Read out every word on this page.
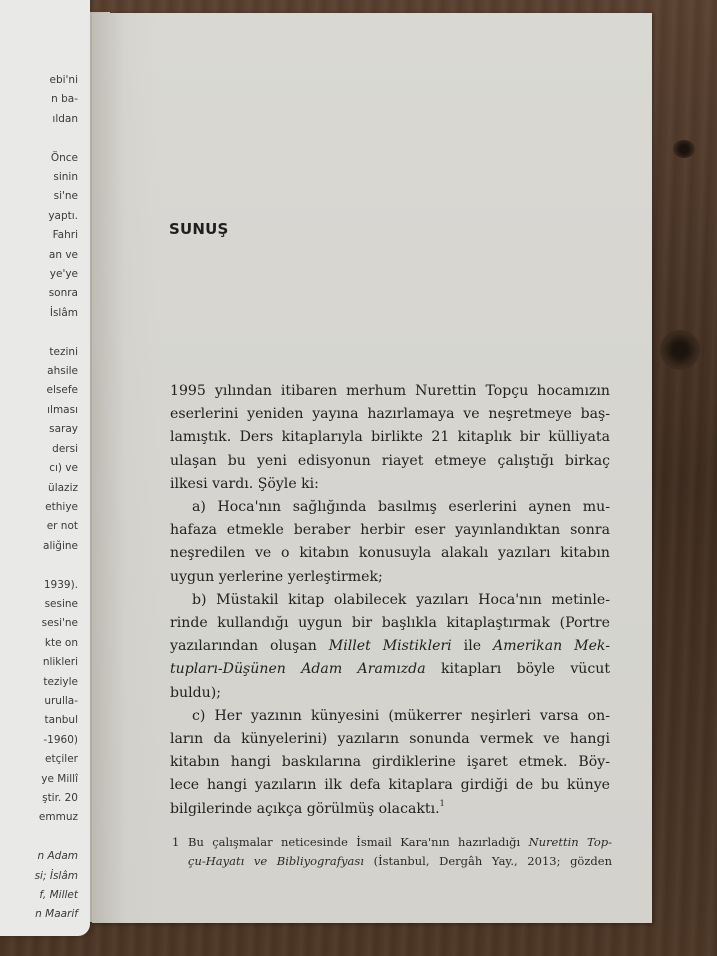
ebi'ni
n ba-
ıldan
Önce
sinin
si'ne
yaptı.
Fahri
an ve
ye'ye
sonra
İslâm
tezini
ahsile
elsefe
ılması
saray
dersi
cı) ve
ülaziz
ethiye
er not
aliğine
1939).
sesine
sesi'ne
kte on
nlikleri
teziyle
urulla-
tanbul
-1960)
etçiler
ye Millî
ştir. 20
emmuz
n Adam
si; İslâm
f, Millet
n Maarif
SUNUŞ
1995 yılından itibaren merhum Nurettin Topçu hocamızın
eserlerini yeniden yayına hazırlamaya ve neşretmeye baş-
lamıştık. Ders kitaplarıyla birlikte 21 kitaplık bir külliyata
ulaşan bu yeni edisyonun riayet etmeye çalıştığı birkaç
ilkesi vardı. Şöyle ki:
a) Hoca'nın sağlığında basılmış eserlerini aynen mu-
hafaza etmekle beraber herbir eser yayınlandıktan sonra
neşredilen ve o kitabın konusuyla alakalı yazıları kitabın
uygun yerlerine yerleştirmek;
b) Müstakil kitap olabilecek yazıları Hoca'nın metinle-
rinde kullandığı uygun bir başlıkla kitaplaştırmak (Portre
yazılarından oluşan Millet Mistikleri ile Amerikan Mek-
tupları-Düşünen Adam Aramızda kitapları böyle vücut
buldu);
c) Her yazının künyesini (mükerrer neşirleri varsa on-
ların da künyelerini) yazıların sonunda vermek ve hangi
kitabın hangi baskılarına girdiklerine işaret etmek. Böy-
lece hangi yazıların ilk defa kitaplara girdiği de bu künye
bilgilerinde açıkça görülmüş olacaktı.$^1$
1 Bu çalışmalar neticesinde İsmail Kara'nın hazırladığı Nurettin Top-
çu-Hayatı ve Bibliyografyası (İstanbul, Dergâh Yay., 2013; gözden
